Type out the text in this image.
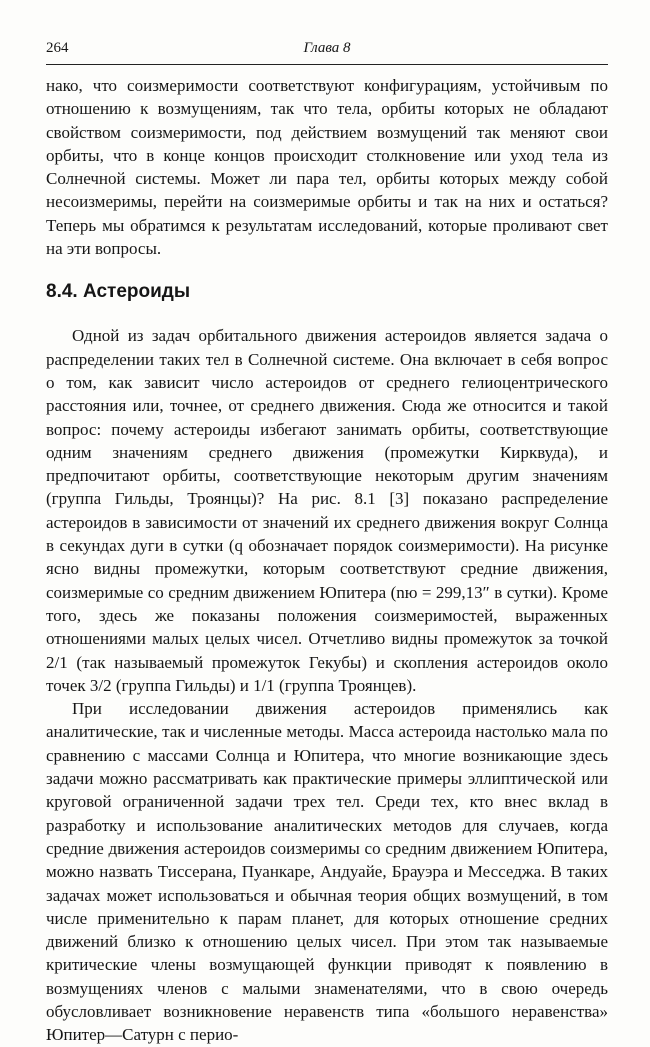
264	Глава 8

нако, что соизмеримости соответствуют конфигурациям, устойчивым по отношению к возмущениям, так что тела, орбиты которых не обладают свойством соизмеримости, под действием возмущений так меняют свои орбиты, что в конце концов происходит столкновение или уход тела из Солнечной системы. Может ли пара тел, орбиты которых между собой несоизмеримы, перейти на соизмеримые орбиты и так на них и остаться? Теперь мы обратимся к результатам исследований, которые проливают свет на эти вопросы.

8.4. Астероиды

Одной из задач орбитального движения астероидов является задача о распределении таких тел в Солнечной системе. Она включает в себя вопрос о том, как зависит число астероидов от среднего гелиоцентрического расстояния или, точнее, от среднего движения. Сюда же относится и такой вопрос: почему астероиды избегают занимать орбиты, соответствующие одним значениям среднего движения (промежутки Кирквуда), и предпочитают орбиты, соответствующие некоторым другим значениям (группа Гильды, Троянцы)? На рис. 8.1 [3] показано распределение астероидов в зависимости от значений их среднего движения вокруг Солнца в секундах дуги в сутки (q обозначает порядок соизмеримости). На рисунке ясно видны промежутки, которым соответствуют средние движения, соизмеримые со средним движением Юпитера (nю = 299,13″ в сутки). Кроме того, здесь же показаны положения соизмеримостей, выраженных отношениями малых целых чисел. Отчетливо видны промежуток за точкой 2/1 (так называемый промежуток Гекубы) и скопления астероидов около точек 3/2 (группа Гильды) и 1/1 (группа Троянцев).

При исследовании движения астероидов применялись как аналитические, так и численные методы. Масса астероида настолько мала по сравнению с массами Солнца и Юпитера, что многие возникающие здесь задачи можно рассматривать как практические примеры эллиптической или круговой ограниченной задачи трех тел. Среди тех, кто внес вклад в разработку и использование аналитических методов для случаев, когда средние движения астероидов соизмеримы со средним движением Юпитера, можно назвать Тиссерана, Пуанкаре, Андуайе, Брауэра и Месседжа. В таких задачах может использоваться и обычная теория общих возмущений, в том числе применительно к парам планет, для которых отношение средних движений близко к отношению целых чисел. При этом так называемые критические члены возмущающей функции приводят к появлению в возмущениях членов с малыми знаменателями, что в свою очередь обусловливает возникновение неравенств типа «большого неравенства» Юпитер—Сатурн с перио-
